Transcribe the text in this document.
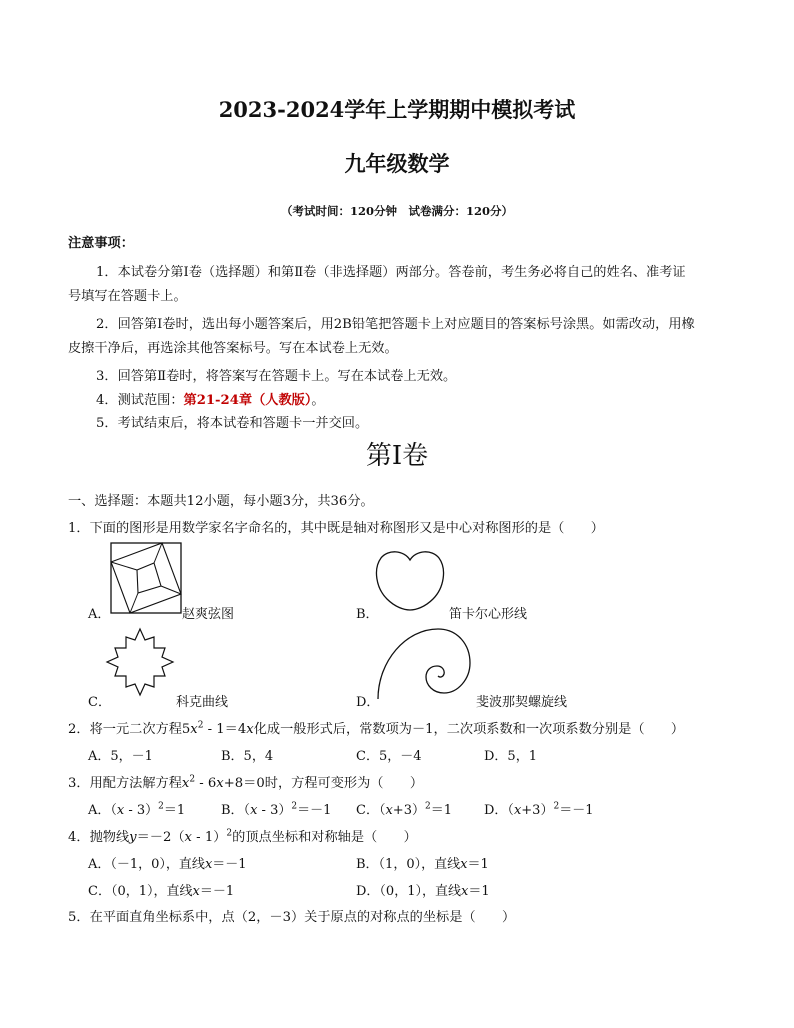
2023-2024学年上学期期中模拟考试
九年级数学
（考试时间：120分钟　试卷满分：120分）
注意事项：
1．本试卷分第Ⅰ卷（选择题）和第Ⅱ卷（非选择题）两部分。答卷前，考生务必将自己的姓名、准考证
号填写在答题卡上。
2．回答第Ⅰ卷时，选出每小题答案后，用2B铅笔把答题卡上对应题目的答案标号涂黑。如需改动，用橡
皮擦干净后，再选涂其他答案标号。写在本试卷上无效。
3．回答第Ⅱ卷时，将答案写在答题卡上。写在本试卷上无效。
4．测试范围：第21-24章（人教版）。
5．考试结束后，将本试卷和答题卡一并交回。
第Ⅰ卷
一、选择题：本题共12小题，每小题3分，共36分。
1．下面的图形是用数学家名字命名的，其中既是轴对称图形又是中心对称图形的是（　　）
A．	赵爽弦图	B．	笛卡尔心形线
C．	科克曲线	D．	斐波那契螺旋线
2．将一元二次方程$5x^2 - 1=4x$化成一般形式后，常数项为－1，二次项系数和一次项系数分别是（　　）
A．5，－1	B．5，4	C．5，－4	D．5，1
3．用配方法解方程$x^2 - 6x+8=0$时，方程可变形为（　　）
A．（x - 3）$^2$＝1	B．（x - 3）$^2$＝－1 C．$(x+3)^2=1$ D．$(x+3)^2=-1$
4．抛物线y＝－2（x - 1）$^2$的顶点坐标和对称轴是（　　）
A．（－1，0），直线x＝－1	B．（1，0），直线x＝1
C．（0，1），直线x＝－1	D．（0，1），直线x＝1
5．在平面直角坐标系中，点（2，－3）关于原点的对称点的坐标是（　　）
